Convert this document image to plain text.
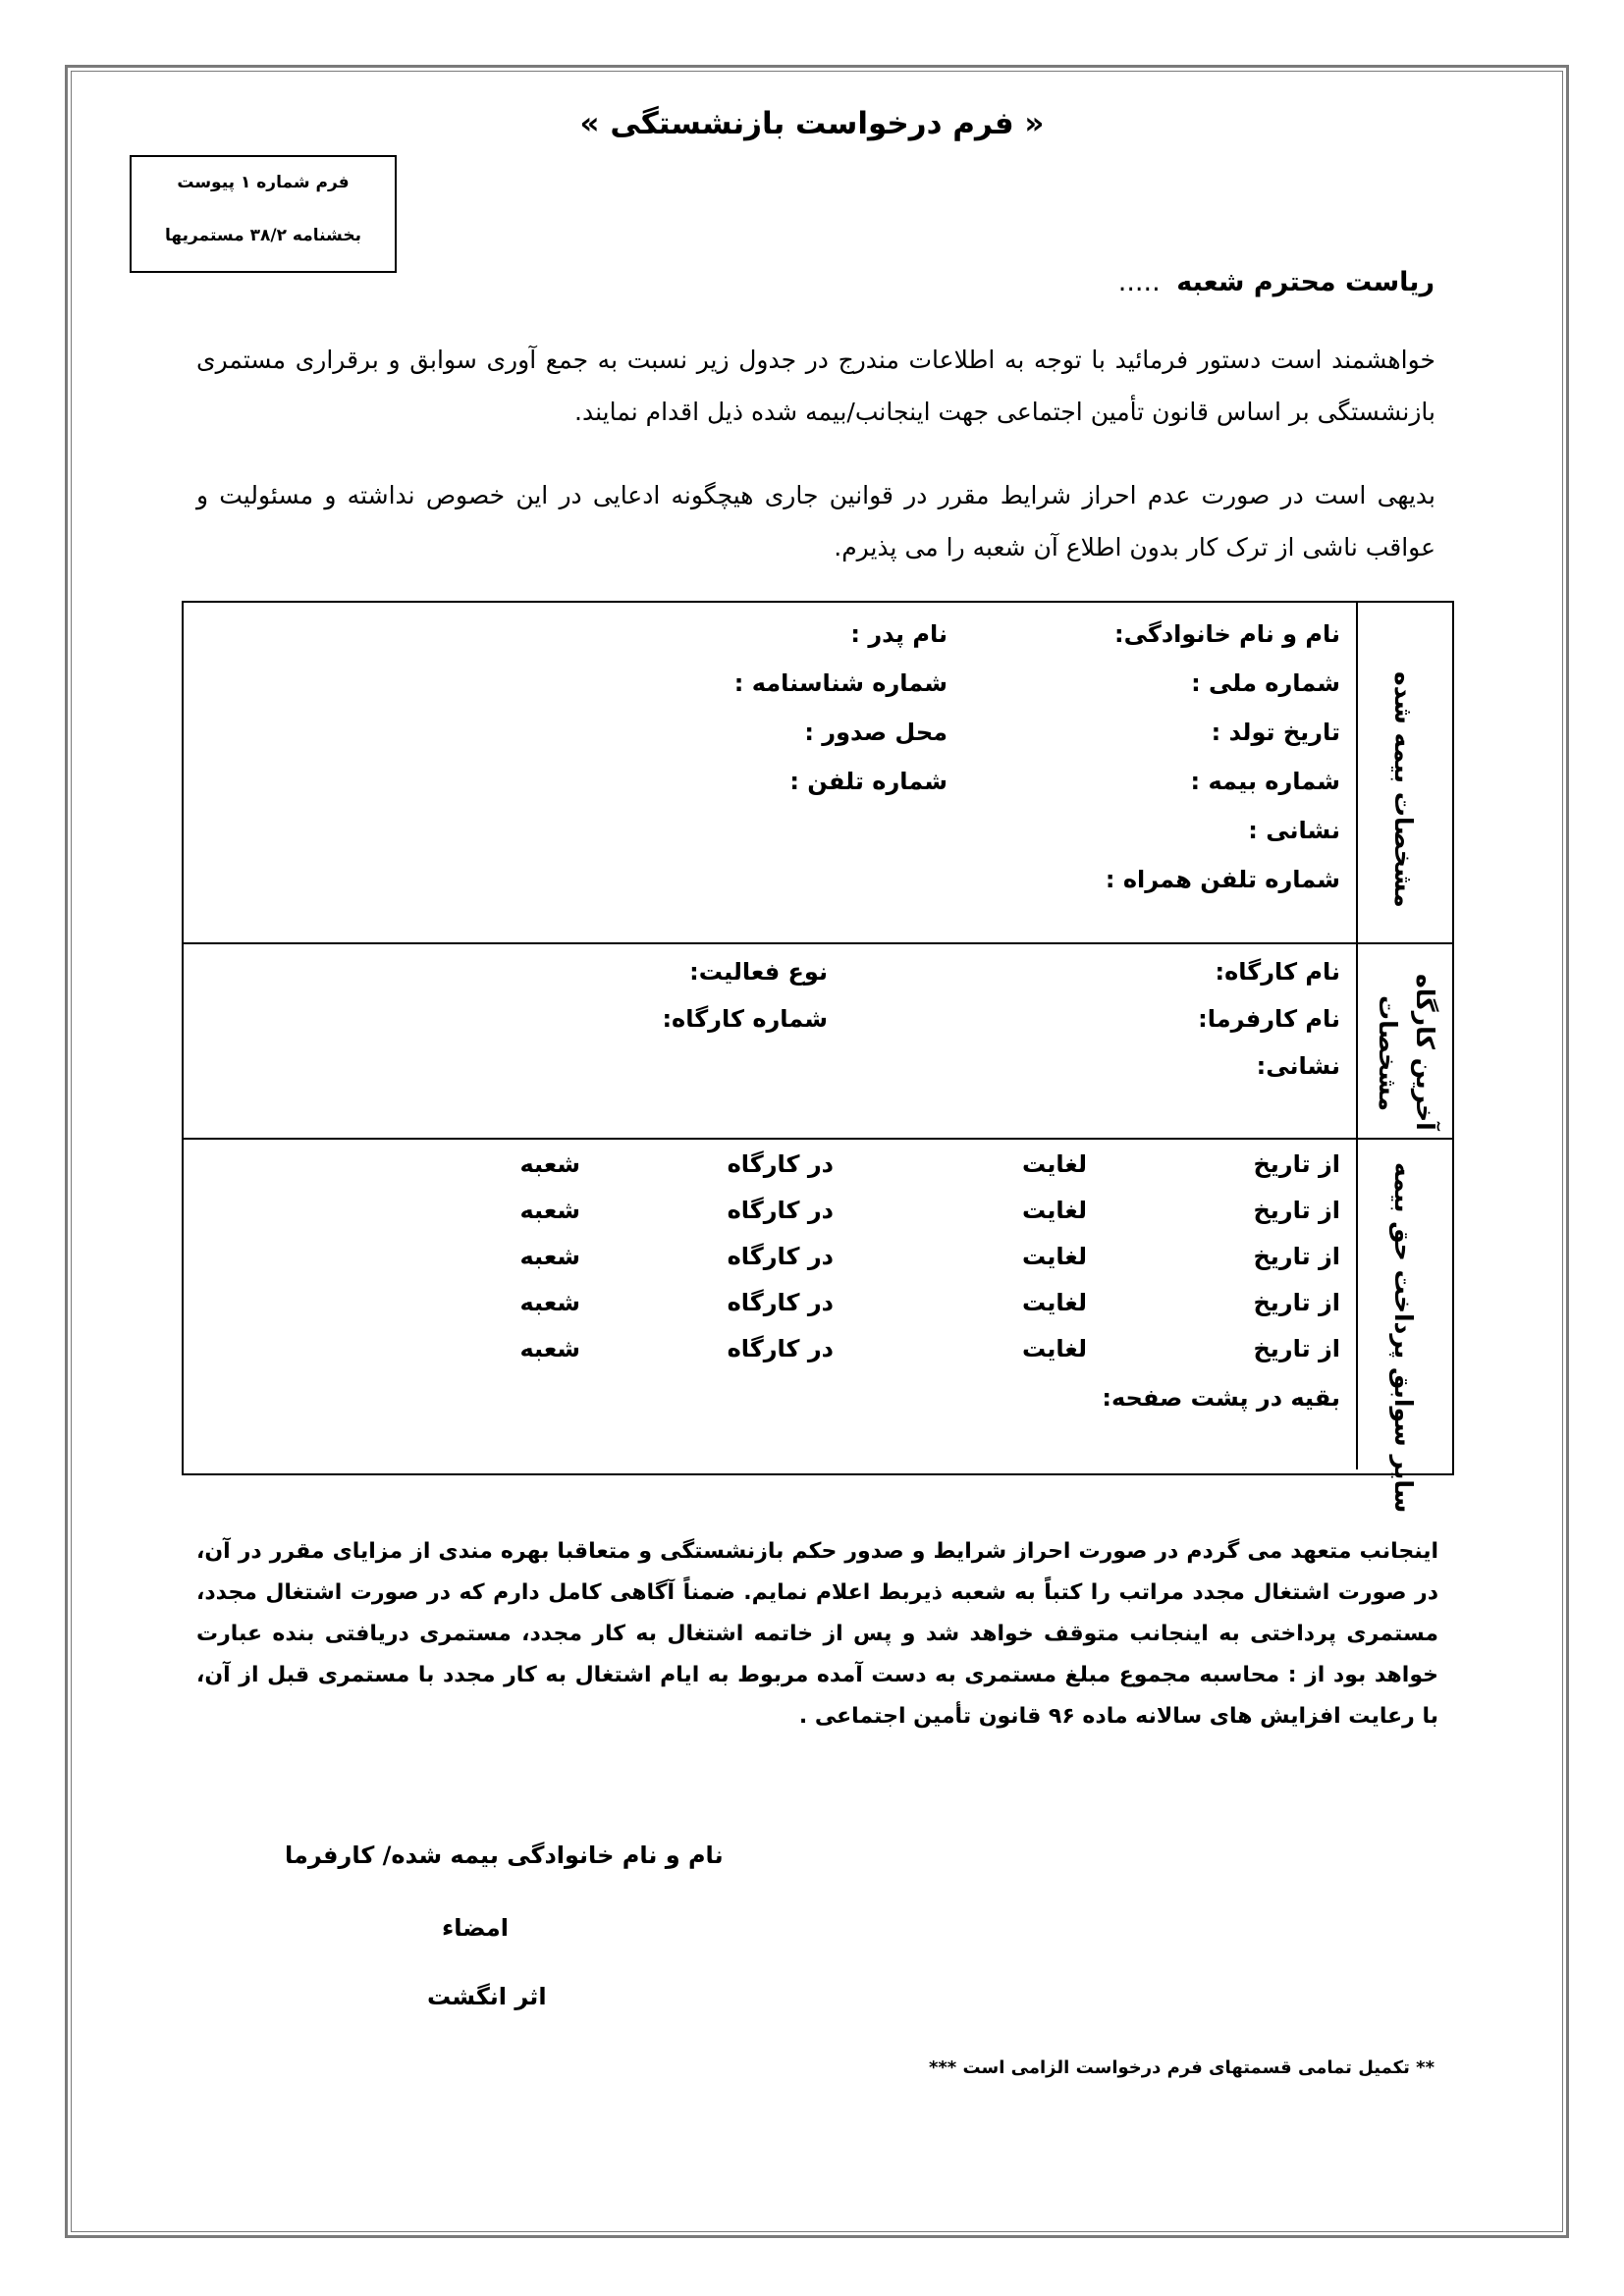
« فرم درخواست بازنشستگی »
فرم شماره ۱ پیوست
بخشنامه ۳۸/۲ مستمریها
ریاست محترم شعبه .....
خواهشمند است دستور فرمائید با توجه به اطلاعات مندرج در جدول زیر نسبت به جمع آوری سوابق و برقراری مستمری بازنشستگی بر اساس قانون تأمین اجتماعی جهت اینجانب/بیمه شده ذیل اقدام نمایند.
بدیهی است در صورت عدم احراز شرایط مقرر در قوانین جاری هیچگونه ادعایی در این خصوص نداشته و مسئولیت و عواقب ناشی از ترک کار بدون اطلاع آن شعبه را می پذیرم.
مشخصات بیمه شده
نام و نام خانوادگی:
شماره ملی :
تاریخ تولد :
شماره بیمه :
نشانی :
شماره تلفن همراه :
نام پدر :
شماره شناسنامه :
محل صدور :
شماره تلفن :
آخرین کارگاه
مشخصات
نام کارگاه:
نام کارفرما:
نشانی:
نوع فعالیت:
شماره کارگاه:
سایر سوابق پرداخت حق بیمه
از تاریخ
لغایت
در کارگاه
شعبه
از تاریخ
لغایت
در کارگاه
شعبه
از تاریخ
لغایت
در کارگاه
شعبه
از تاریخ
لغایت
در کارگاه
شعبه
از تاریخ
لغایت
در کارگاه
شعبه
بقیه در پشت صفحه:
اینجانب متعهد می گردم در صورت احراز شرایط و صدور حکم بازنشستگی و متعاقبا بهره مندی از مزایای مقرر در آن، در صورت اشتغال مجدد مراتب را کتباً به شعبه ذیربط اعلام نمایم. ضمناً آگاهی کامل دارم که در صورت اشتغال مجدد، مستمری پرداختی به اینجانب متوقف خواهد شد و پس از خاتمه اشتغال به کار مجدد، مستمری دریافتی بنده عبارت خواهد بود از : محاسبه مجموع مبلغ مستمری به دست آمده مربوط به ایام اشتغال به کار مجدد با مستمری قبل از آن، با رعایت افزایش های سالانه ماده ۹۶ قانون تأمین اجتماعی .
نام و نام خانوادگی بیمه شده/ کارفرما
امضاء
اثر انگشت
** تکمیل تمامی قسمتهای فرم درخواست الزامی است ***
